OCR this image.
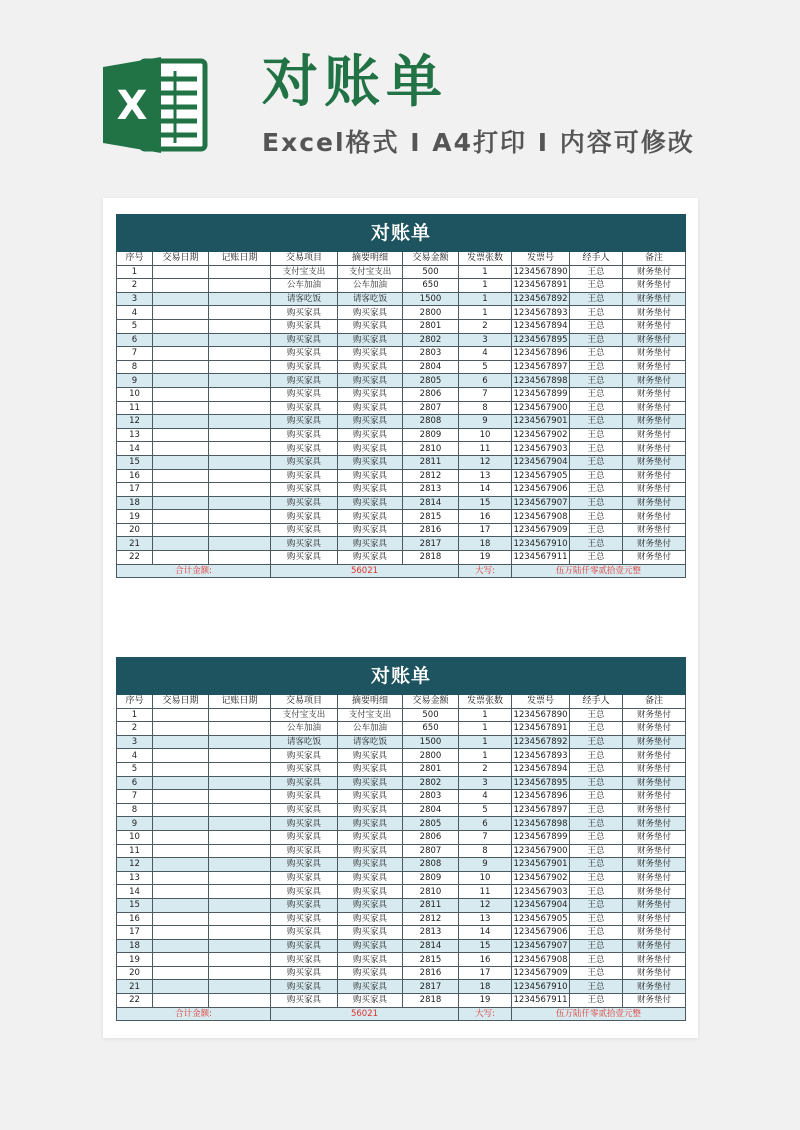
X 对账单
Excel格式 Ⅰ A4打印 Ⅰ 内容可修改
对账单									
序号	交易日期	记账日期	交易项目	摘要明细	交易金额	发票张数	发票号	经手人	备注
1			支付宝支出	支付宝支出	500	1	1234567890	王总	财务垫付
2			公车加油	公车加油	650	1	1234567891	王总	财务垫付
3			请客吃饭	请客吃饭	1500	1	1234567892	王总	财务垫付
4			购买家具	购买家具	2800	1	1234567893	王总	财务垫付
5			购买家具	购买家具	2801	2	1234567894	王总	财务垫付
6			购买家具	购买家具	2802	3	1234567895	王总	财务垫付
7			购买家具	购买家具	2803	4	1234567896	王总	财务垫付
8			购买家具	购买家具	2804	5	1234567897	王总	财务垫付
9			购买家具	购买家具	2805	6	1234567898	王总	财务垫付
10			购买家具	购买家具	2806	7	1234567899	王总	财务垫付
11			购买家具	购买家具	2807	8	1234567900	王总	财务垫付
12			购买家具	购买家具	2808	9	1234567901	王总	财务垫付
13			购买家具	购买家具	2809	10	1234567902	王总	财务垫付
14			购买家具	购买家具	2810	11	1234567903	王总	财务垫付
15			购买家具	购买家具	2811	12	1234567904	王总	财务垫付
16			购买家具	购买家具	2812	13	1234567905	王总	财务垫付
17			购买家具	购买家具	2813	14	1234567906	王总	财务垫付
18			购买家具	购买家具	2814	15	1234567907	王总	财务垫付
19			购买家具	购买家具	2815	16	1234567908	王总	财务垫付
20			购买家具	购买家具	2816	17	1234567909	王总	财务垫付
21			购买家具	购买家具	2817	18	1234567910	王总	财务垫付
22			购买家具	购买家具	2818	19	1234567911	王总	财务垫付
合计金额:			56021			大写:	伍万陆仟零贰拾壹元整		
对账单									
序号	交易日期	记账日期	交易项目	摘要明细	交易金额	发票张数	发票号	经手人	备注
1			支付宝支出	支付宝支出	500	1	1234567890	王总	财务垫付
2			公车加油	公车加油	650	1	1234567891	王总	财务垫付
3			请客吃饭	请客吃饭	1500	1	1234567892	王总	财务垫付
4			购买家具	购买家具	2800	1	1234567893	王总	财务垫付
5			购买家具	购买家具	2801	2	1234567894	王总	财务垫付
6			购买家具	购买家具	2802	3	1234567895	王总	财务垫付
7			购买家具	购买家具	2803	4	1234567896	王总	财务垫付
8			购买家具	购买家具	2804	5	1234567897	王总	财务垫付
9			购买家具	购买家具	2805	6	1234567898	王总	财务垫付
10			购买家具	购买家具	2806	7	1234567899	王总	财务垫付
11			购买家具	购买家具	2807	8	1234567900	王总	财务垫付
12			购买家具	购买家具	2808	9	1234567901	王总	财务垫付
13			购买家具	购买家具	2809	10	1234567902	王总	财务垫付
14			购买家具	购买家具	2810	11	1234567903	王总	财务垫付
15			购买家具	购买家具	2811	12	1234567904	王总	财务垫付
16			购买家具	购买家具	2812	13	1234567905	王总	财务垫付
17			购买家具	购买家具	2813	14	1234567906	王总	财务垫付
18			购买家具	购买家具	2814	15	1234567907	王总	财务垫付
19			购买家具	购买家具	2815	16	1234567908	王总	财务垫付
20			购买家具	购买家具	2816	17	1234567909	王总	财务垫付
21			购买家具	购买家具	2817	18	1234567910	王总	财务垫付
22			购买家具	购买家具	2818	19	1234567911	王总	财务垫付
合计金额:			56021			大写:	伍万陆仟零贰拾壹元整		
